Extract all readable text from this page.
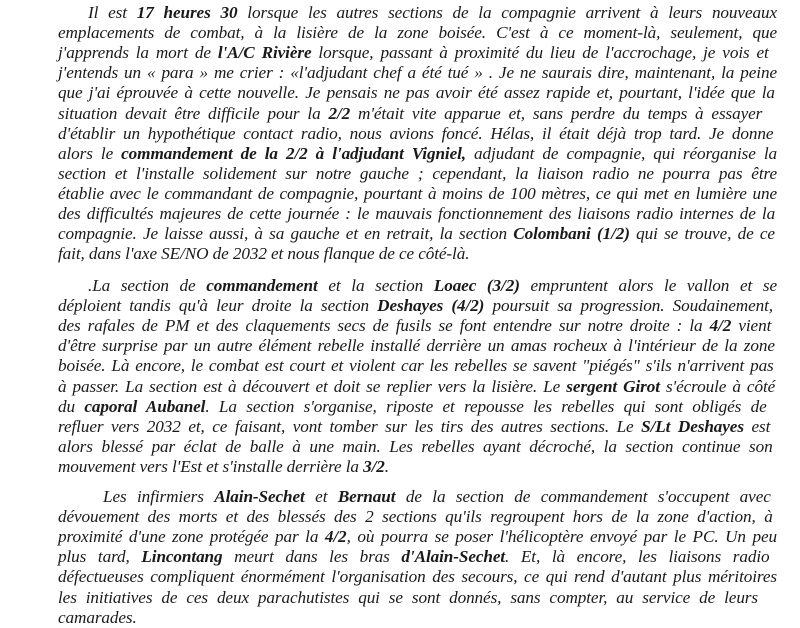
Il est 17 heures 30 lorsque les autres sections de la compagnie arrivent à leurs nouveaux
emplacements de combat, à la lisière de la zone boisée. C'est à ce moment-là, seulement, que
j'apprends la mort de l'A/C Rivière lorsque, passant à proximité du lieu de l'accrochage, je vois et
j'entends un « para » me crier : «l'adjudant chef a été tué » . Je ne saurais dire, maintenant, la peine
que j'ai éprouvée à cette nouvelle. Je pensais ne pas avoir été assez rapide et, pourtant, l'idée que la
situation devait être difficile pour la 2/2 m'était vite apparue et, sans perdre du temps à essayer
d'établir un hypothétique contact radio, nous avions foncé. Hélas, il était déjà trop tard. Je donne
alors le commandement de la 2/2 à l'adjudant Vigniel, adjudant de compagnie, qui réorganise la
section et l'installe solidement sur notre gauche ; cependant, la liaison radio ne pourra pas être
établie avec le commandant de compagnie, pourtant à moins de 100 mètres, ce qui met en lumière une
des difficultés majeures de cette journée : le mauvais fonctionnement des liaisons radio internes de la
compagnie. Je laisse aussi, à sa gauche et en retrait, la section Colombani (1/2) qui se trouve, de ce
fait, dans l'axe SE/NO de 2032 et nous flanque de ce côté-là.
.La section de commandement et la section Loaec (3/2) empruntent alors le vallon et se
déploient tandis qu'à leur droite la section Deshayes (4/2) poursuit sa progression. Soudainement,
des rafales de PM et des claquements secs de fusils se font entendre sur notre droite : la 4/2 vient
d'être surprise par un autre élément rebelle installé derrière un amas rocheux à l'intérieur de la zone
boisée. Là encore, le combat est court et violent car les rebelles se savent "piégés" s'ils n'arrivent pas
à passer. La section est à découvert et doit se replier vers la lisière. Le sergent Girot s'écroule à côté
du caporal Aubanel. La section s'organise, riposte et repousse les rebelles qui sont obligés de
refluer vers 2032 et, ce faisant, vont tomber sur les tirs des autres sections. Le S/Lt Deshayes est
alors blessé par éclat de balle à une main. Les rebelles ayant décroché, la section continue son
mouvement vers l'Est et s'installe derrière la 3/2.
Les infirmiers Alain-Sechet et Bernaut de la section de commandement s'occupent avec
dévouement des morts et des blessés des 2 sections qu'ils regroupent hors de la zone d'action, à
proximité d'une zone protégée par la 4/2, où pourra se poser l'hélicoptère envoyé par le PC. Un peu
plus tard, Lincontang meurt dans les bras d'Alain-Sechet. Et, là encore, les liaisons radio
défectueuses compliquent énormément l'organisation des secours, ce qui rend d'autant plus méritoires
les initiatives de ces deux parachutistes qui se sont donnés, sans compter, au service de leurs
camarades.
